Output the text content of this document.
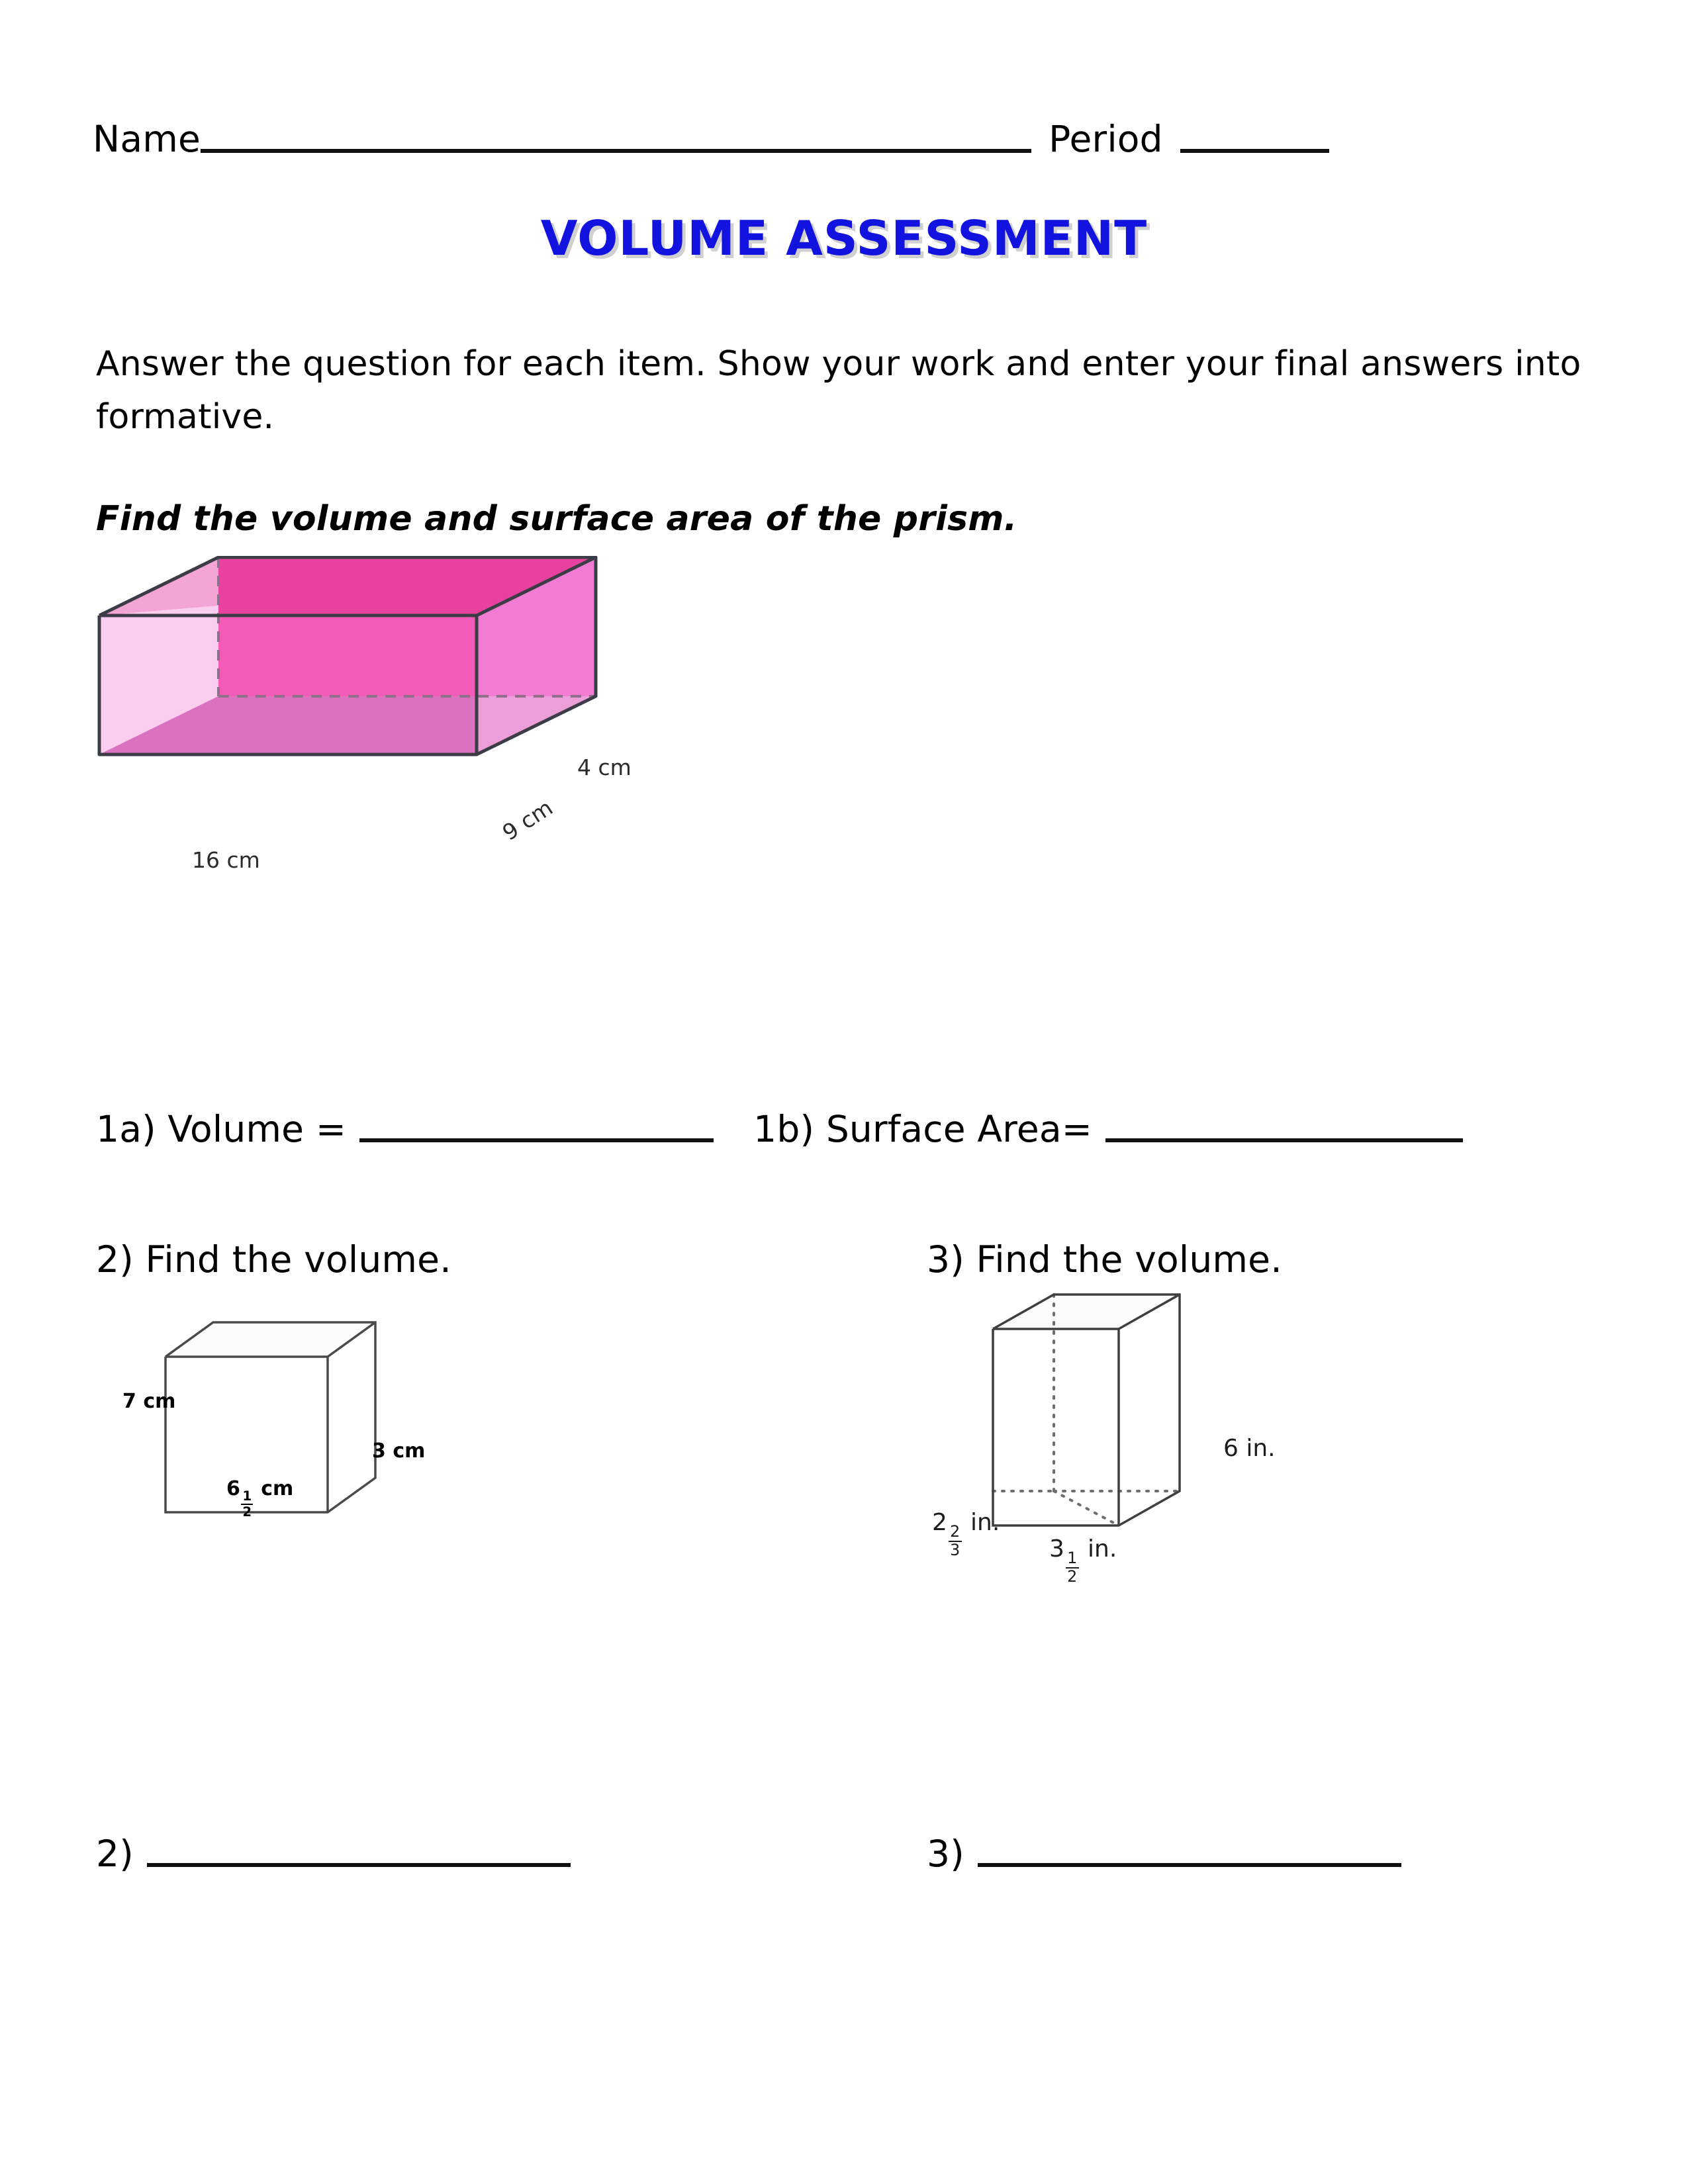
Name	Period
VOLUME ASSESSMENT
Answer the question for each item. Show your work and enter your final answers into formative.
Find the volume and surface area of the prism.
4 cm
9 cm
16 cm
1a) Volume =	1b) Surface Area=
2) Find the volume.	3) Find the volume.
7 cm
3 cm
6
$\frac{1}{2}$
cm
6 in.
2
$\frac{2}{3}$
in.
3
$\frac{1}{2}$
in.
2)	3)
